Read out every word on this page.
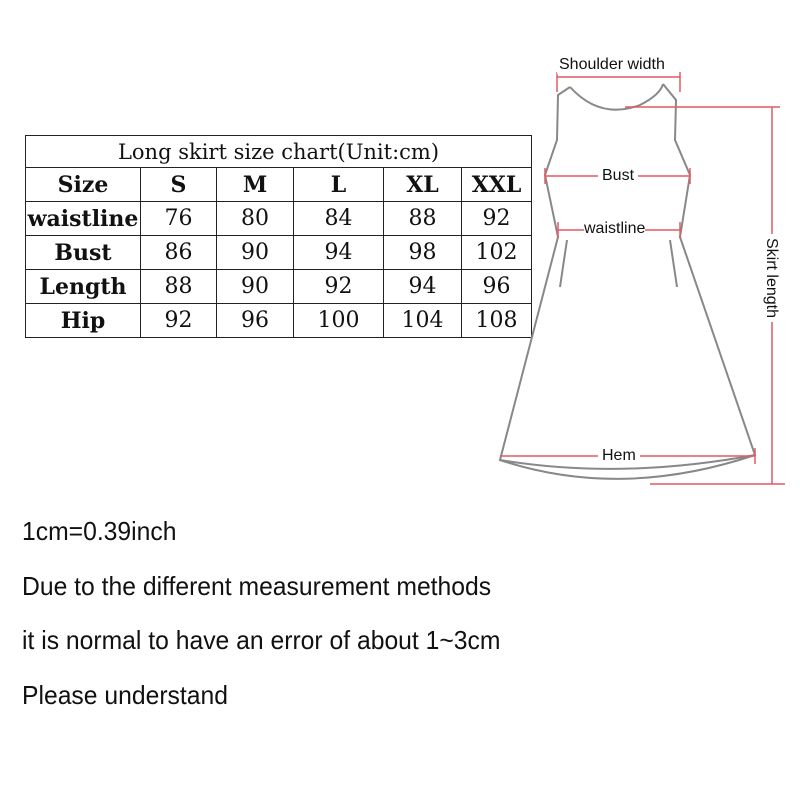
Long skirt size chart(Unit:cm)					
Size	S	M	L	XL	XXL
waistline	76	80	84	88	92
Bust	86	90	94	98	102
Length	88	90	92	94	96
Hip	92	96	100	104	108
Shoulder width
Bust
waistline
Hem
Skirt length
1cm=0.39inch
Due to the different measurement methods
it is normal to have an error of about 1~3cm
Please understand
